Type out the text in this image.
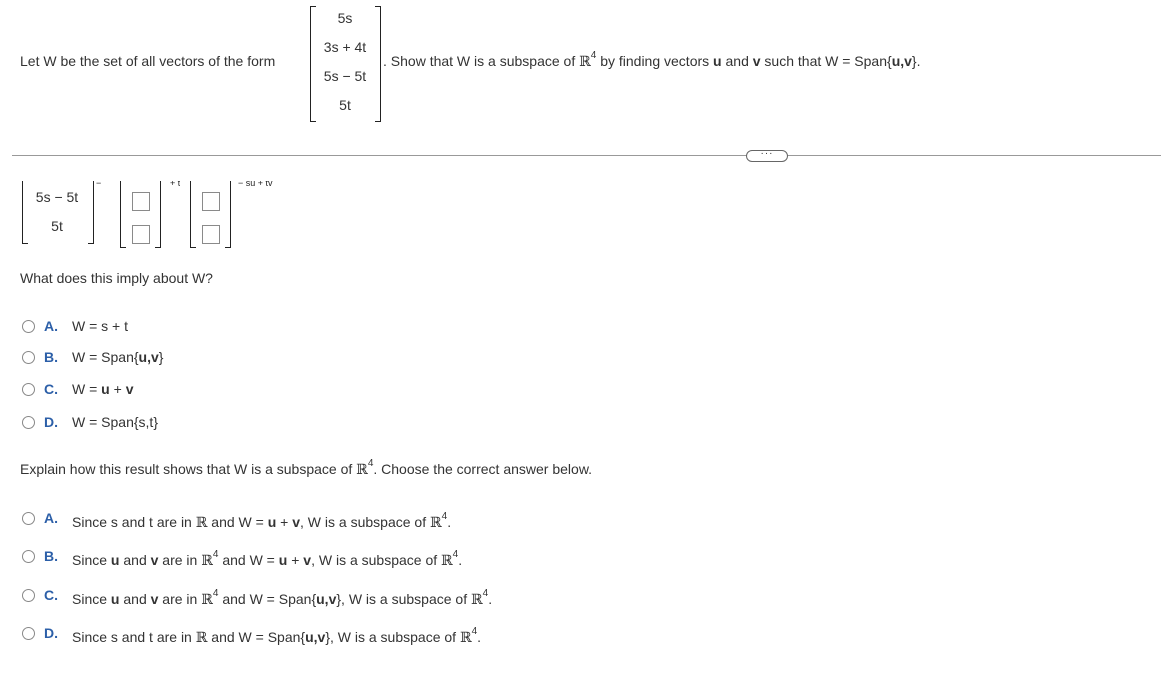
Let W be the set of all vectors of the form
5s
3s + 4t
5s − 5t
5t
. Show that W is a subspace of ℝ$^4$ by finding vectors u and v such that W = Span{u,v}.
···
5s − 5t
5t
−	+ t	− su + tv
What does this imply about W?
A. W = s + t
B. W = Span{u,v}
C. W = u + v
D. W = Span{s,t}
Explain how this result shows that W is a subspace of ℝ$^4$. Choose the correct answer below.
A. Since s and t are in ℝ and W = u + v, W is a subspace of ℝ$^4$.
B. Since u and v are in ℝ$^4$ and W = u + v, W is a subspace of ℝ$^4$.
C. Since u and v are in ℝ$^4$ and W = Span{u,v}, W is a subspace of ℝ$^4$.
D. Since s and t are in ℝ and W = Span{u,v}, W is a subspace of ℝ$^4$.
